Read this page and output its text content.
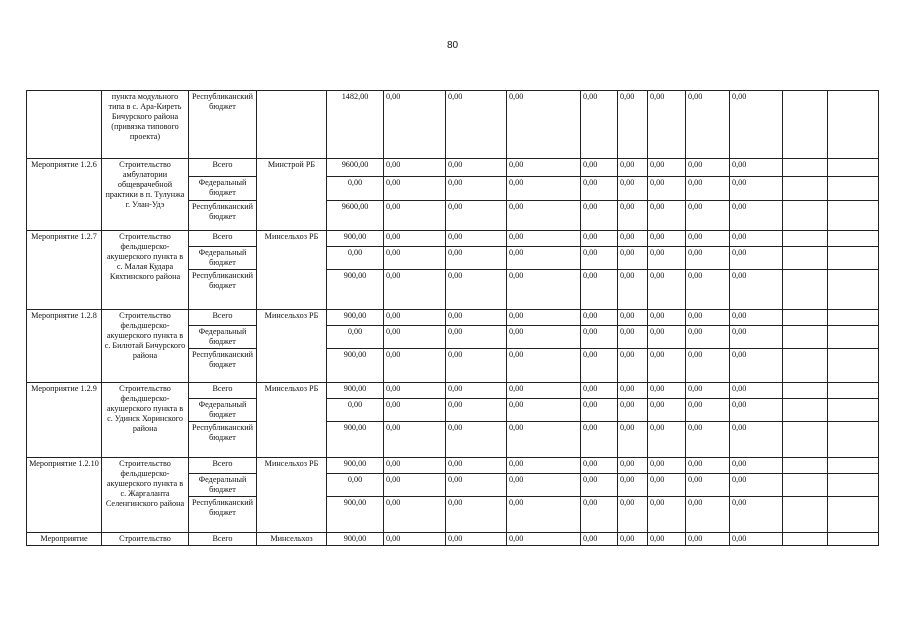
80
	пункта модульного типа в с. Ара-Киреть Бичурского района (привязка типового проекта)	Республиканский бюджет		1482,00	0,00	0,00	0,00	0,00	0,00	0,00	0,00	0,00		
Мероприятие 1.2.6	Строительство амбулатории общеврачебной практики в п. Тулунжа г. Улан-Удэ	Всего	Минстрой РБ	9600,00	0,00	0,00	0,00	0,00	0,00	0,00	0,00	0,00		
		Федеральный бюджет		0,00	0,00	0,00	0,00	0,00	0,00	0,00	0,00	0,00		
		Республиканский бюджет		9600,00	0,00	0,00	0,00	0,00	0,00	0,00	0,00	0,00		
Мероприятие 1.2.7	Строительство фельдшерско-акушерского пункта в с. Малая Кудара Кяхтинского района	Всего	Минсельхоз РБ	900,00	0,00	0,00	0,00	0,00	0,00	0,00	0,00	0,00		
		Федеральный бюджет		0,00	0,00	0,00	0,00	0,00	0,00	0,00	0,00	0,00		
		Республиканский бюджет		900,00	0,00	0,00	0,00	0,00	0,00	0,00	0,00	0,00		
Мероприятие 1.2.8	Строительство фельдшерско-акушерского пункта в с. Билютай Бичурского района	Всего	Минсельхоз РБ	900,00	0,00	0,00	0,00	0,00	0,00	0,00	0,00	0,00		
		Федеральный бюджет		0,00	0,00	0,00	0,00	0,00	0,00	0,00	0,00	0,00		
		Республиканский бюджет		900,00	0,00	0,00	0,00	0,00	0,00	0,00	0,00	0,00		
Мероприятие 1.2.9	Строительство фельдшерско-акушерского пункта в с. Удинск Хоринского района	Всего	Минсельхоз РБ	900,00	0,00	0,00	0,00	0,00	0,00	0,00	0,00	0,00		
		Федеральный бюджет		0,00	0,00	0,00	0,00	0,00	0,00	0,00	0,00	0,00		
		Республиканский бюджет		900,00	0,00	0,00	0,00	0,00	0,00	0,00	0,00	0,00		
Мероприятие 1.2.10	Строительство фельдшерско-акушерского пункта в с. Жаргаланта Селенгинского района	Всего	Минсельхоз РБ	900,00	0,00	0,00	0,00	0,00	0,00	0,00	0,00	0,00		
		Федеральный бюджет		0,00	0,00	0,00	0,00	0,00	0,00	0,00	0,00	0,00		
		Республиканский бюджет		900,00	0,00	0,00	0,00	0,00	0,00	0,00	0,00	0,00		
Мероприятие	Строительство	Всего	Минсельхоз	900,00	0,00	0,00	0,00	0,00	0,00	0,00	0,00	0,00		
